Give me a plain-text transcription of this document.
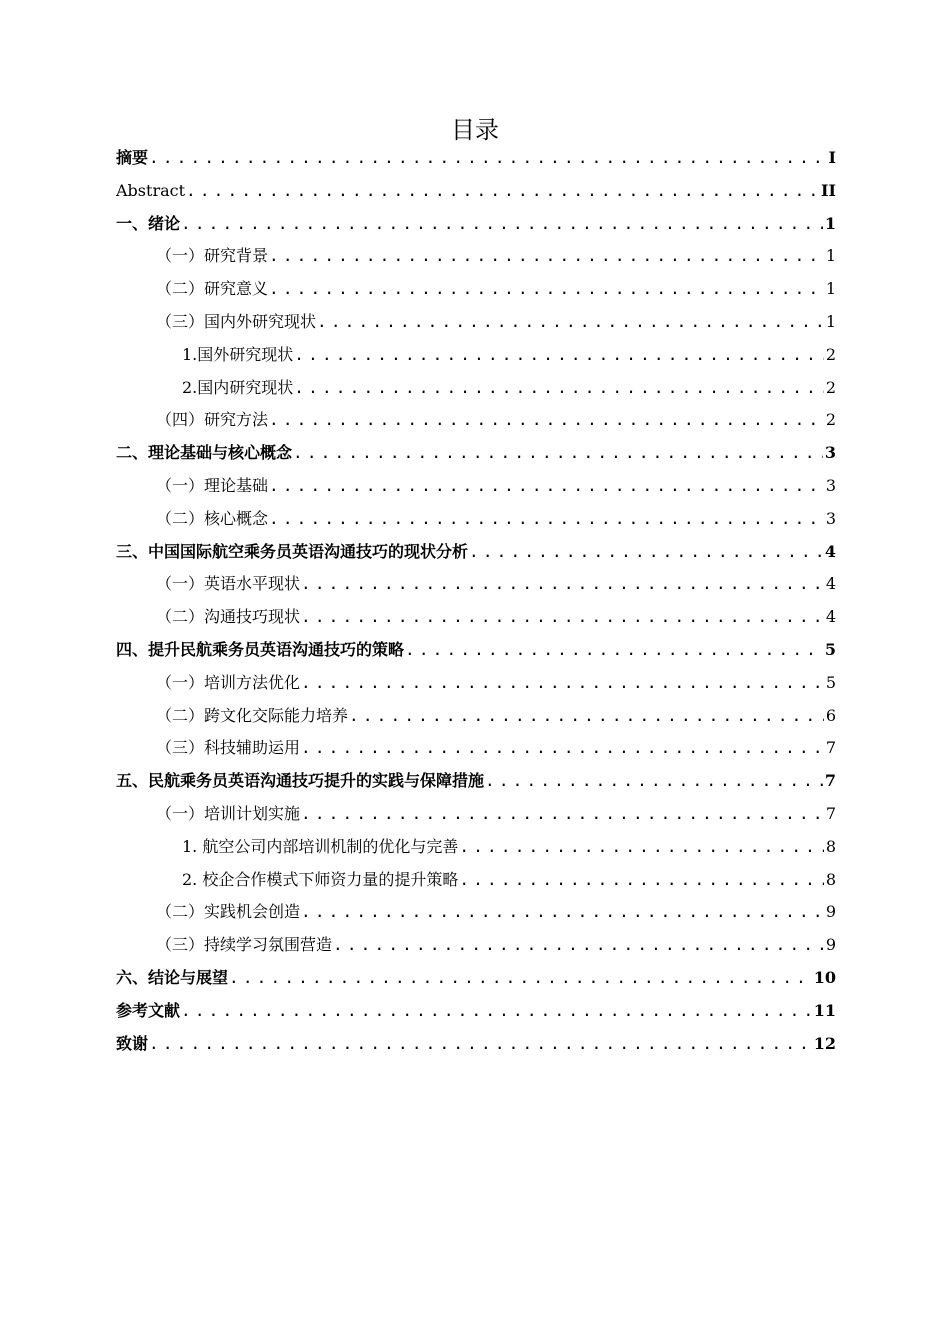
目录
摘要 .....	I
Abstract .....	II
一、绪论 .....	1
（一）研究背景 .....	1
（二）研究意义 .....	1
（三）国内外研究现状 .....	1
1.国外研究现状 .....	2
2.国内研究现状 .....	2
（四）研究方法 .....	2
二、理论基础与核心概念 .....	3
（一）理论基础 .....	3
（二）核心概念 .....	3
三、中国国际航空乘务员英语沟通技巧的现状分析 .....	4
（一）英语水平现状 .....	4
（二）沟通技巧现状 .....	4
四、提升民航乘务员英语沟通技巧的策略 .....	5
（一）培训方法优化 .....	5
（二）跨文化交际能力培养 .....	6
（三）科技辅助运用 .....	7
五、民航乘务员英语沟通技巧提升的实践与保障措施 .....	7
（一）培训计划实施 .....	7
1. 航空公司内部培训机制的优化与完善 .....	8
2. 校企合作模式下师资力量的提升策略 .....	8
（二）实践机会创造 .....	9
（三）持续学习氛围营造 .....	9
六、结论与展望 .....	10
参考文献 .....	11
致谢 .....	12
